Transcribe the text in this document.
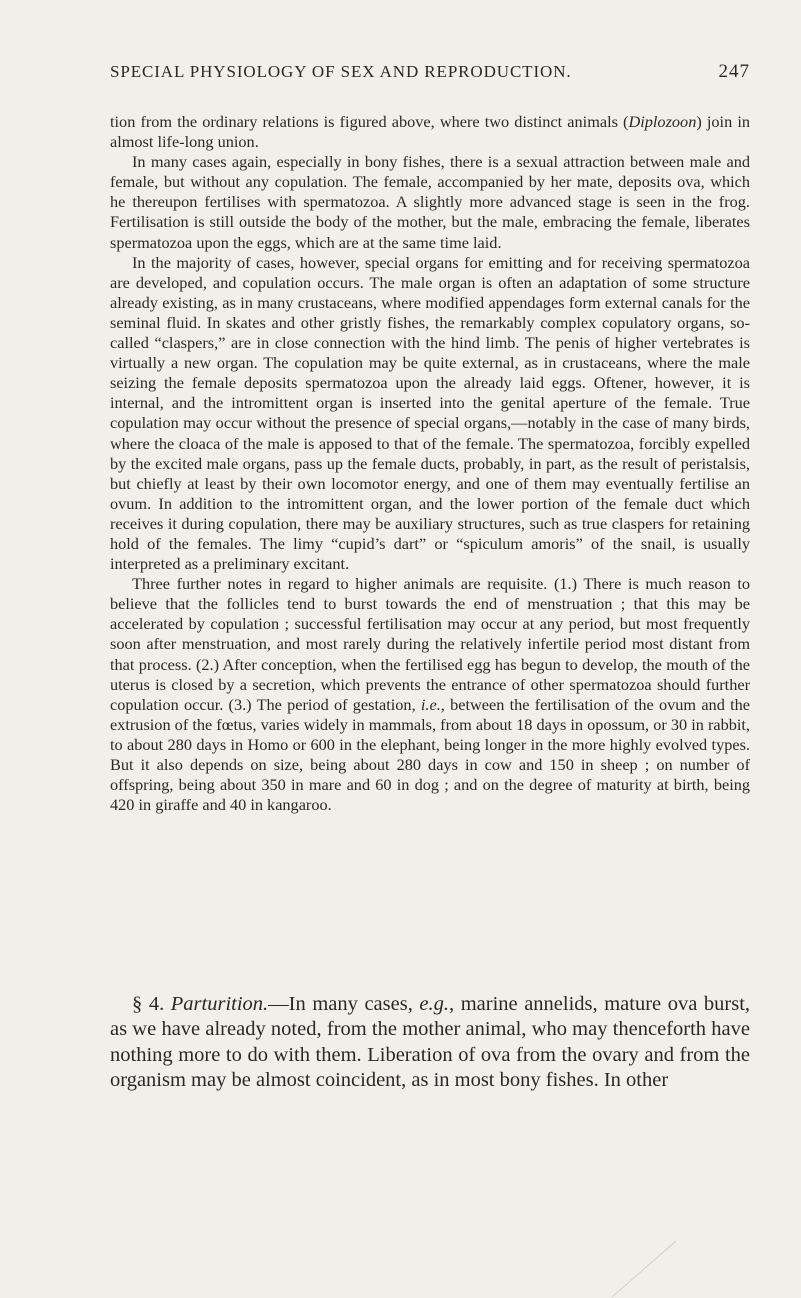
SPECIAL PHYSIOLOGY OF SEX AND REPRODUCTION.	247

tion from the ordinary relations is figured above, where two distinct animals (Diplozoon) join in almost life-long union.

In many cases again, especially in bony fishes, there is a sexual attraction between male and female, but without any copulation. The female, accompanied by her mate, deposits ova, which he thereupon fertilises with spermatozoa. A slightly more advanced stage is seen in the frog. Fertilisation is still outside the body of the mother, but the male, embracing the female, liberates spermatozoa upon the eggs, which are at the same time laid.

In the majority of cases, however, special organs for emitting and for receiving spermatozoa are developed, and copulation occurs. The male organ is often an adaptation of some structure already existing, as in many crustaceans, where modified appendages form external canals for the seminal fluid. In skates and other gristly fishes, the remarkably complex copulatory organs, so-called “claspers,” are in close connection with the hind limb. The penis of higher vertebrates is virtually a new organ. The copulation may be quite external, as in crustaceans, where the male seizing the female deposits spermatozoa upon the already laid eggs. Oftener, however, it is internal, and the intromittent organ is inserted into the genital aperture of the female. True copulation may occur without the presence of special organs,—notably in the case of many birds, where the cloaca of the male is apposed to that of the female. The spermatozoa, forcibly expelled by the excited male organs, pass up the female ducts, probably, in part, as the result of peristalsis, but chiefly at least by their own locomotor energy, and one of them may eventually fertilise an ovum. In addition to the intromittent organ, and the lower portion of the female duct which receives it during copulation, there may be auxiliary structures, such as true claspers for retaining hold of the females. The limy “cupid’s dart” or “spiculum amoris” of the snail, is usually interpreted as a preliminary excitant.

Three further notes in regard to higher animals are requisite. (1.) There is much reason to believe that the follicles tend to burst towards the end of menstruation ; that this may be accelerated by copulation ; successful fertilisation may occur at any period, but most frequently soon after menstruation, and most rarely during the relatively infertile period most distant from that process. (2.) After conception, when the fertilised egg has begun to develop, the mouth of the uterus is closed by a secretion, which prevents the entrance of other spermatozoa should further copulation occur. (3.) The period of gestation, i.e., between the fertilisation of the ovum and the extrusion of the fœtus, varies widely in mammals, from about 18 days in opossum, or 30 in rabbit, to about 280 days in Homo or 600 in the elephant, being longer in the more highly evolved types. But it also depends on size, being about 280 days in cow and 150 in sheep ; on number of offspring, being about 350 in mare and 60 in dog ; and on the degree of maturity at birth, being 420 in giraffe and 40 in kangaroo.

§ 4. Parturition.—In many cases, e.g., marine annelids, mature ova burst, as we have already noted, from the mother animal, who may thenceforth have nothing more to do with them. Liberation of ova from the ovary and from the organism may be almost coincident, as in most bony fishes. In other
